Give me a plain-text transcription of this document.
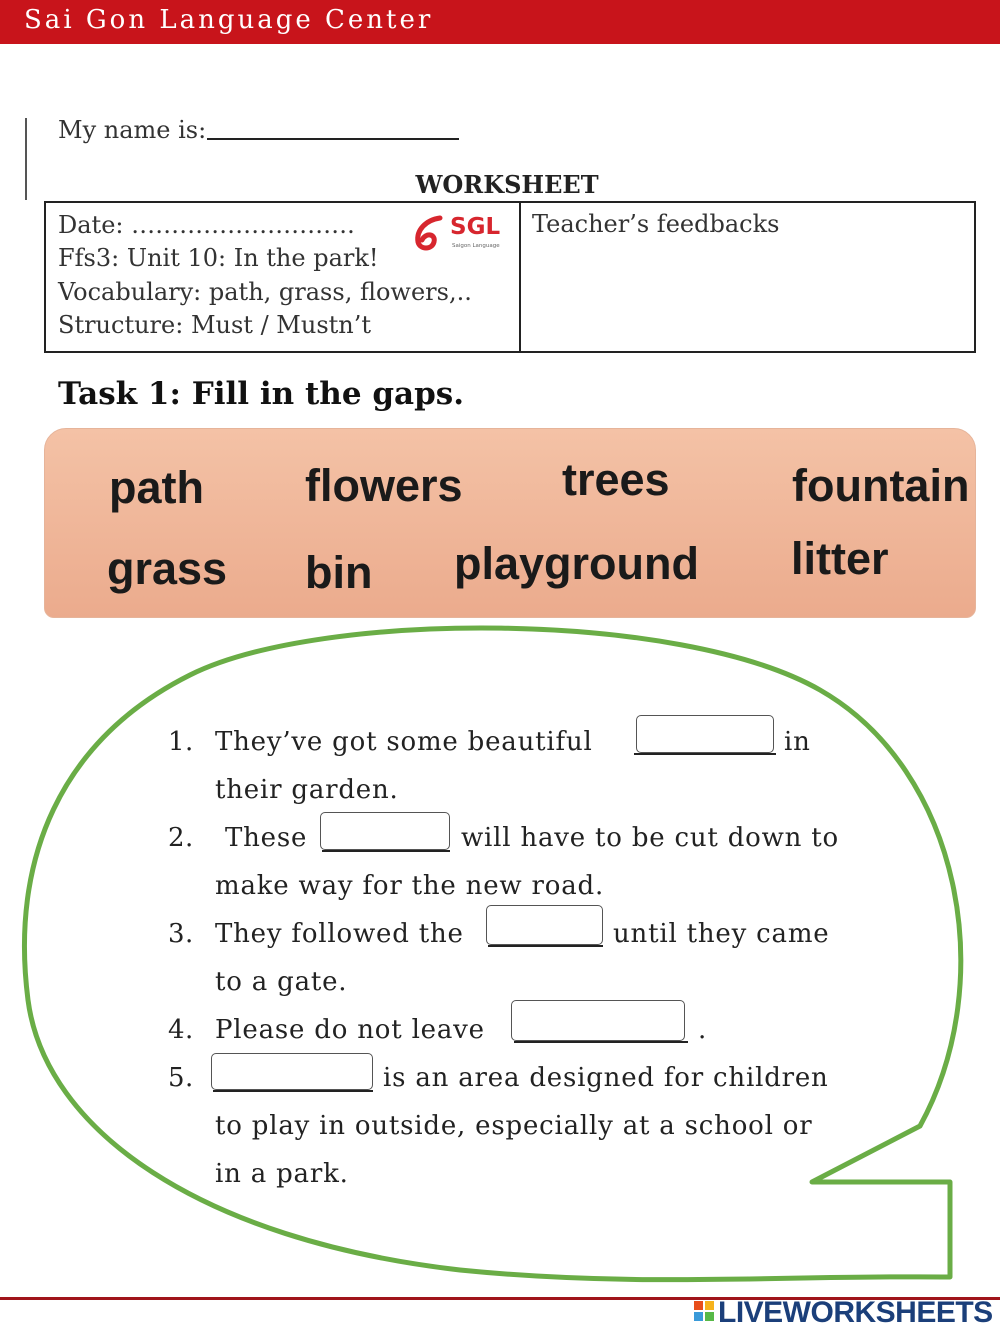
Sai Gon Language Center
My name is:
WORKSHEET
Date: ……………………….
Ffs3: Unit 10: In the park!
Vocabulary: path, grass, flowers,..
Structure: Must / Mustn’t
SGL
Saigon Language
Teacher’s feedbacks
Task 1: Fill in the gaps.
path flowers trees	fountain
grass bin playground litter
1. They’ve got some beautiful	in
their garden.
2. These	will have to be cut down to
make way for the new road.
3. They followed the	until they came
to a gate.
4. Please do not leave	.
5.	is an area designed for children
to play in outside, especially at a school or
in a park.
LIVEWORKSHEETS
